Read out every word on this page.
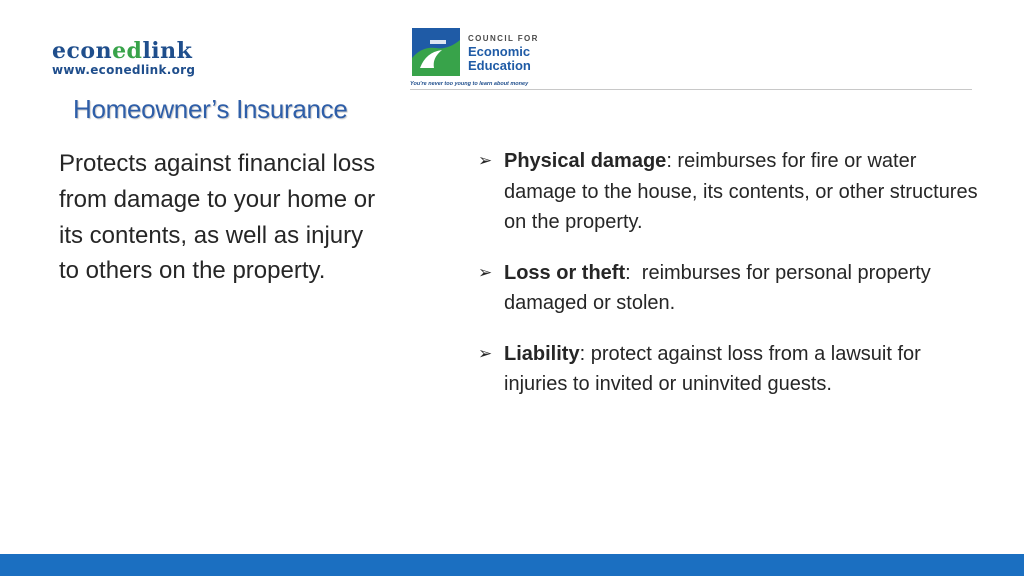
econedlink
www.econedlink.org
COUNCIL FOR
Economic
Education
You're never too young to learn about money
Homeowner’s Insurance
Protects against financial loss from damage to your home or its contents, as well as injury to others on the property.
➢ Physical damage: reimburses for fire or water damage to the house, its contents, or other structures on the property.
➢ Loss or theft:  reimburses for personal property damaged or stolen.
➢ Liability: protect against loss from a lawsuit for injuries to invited or uninvited guests.
